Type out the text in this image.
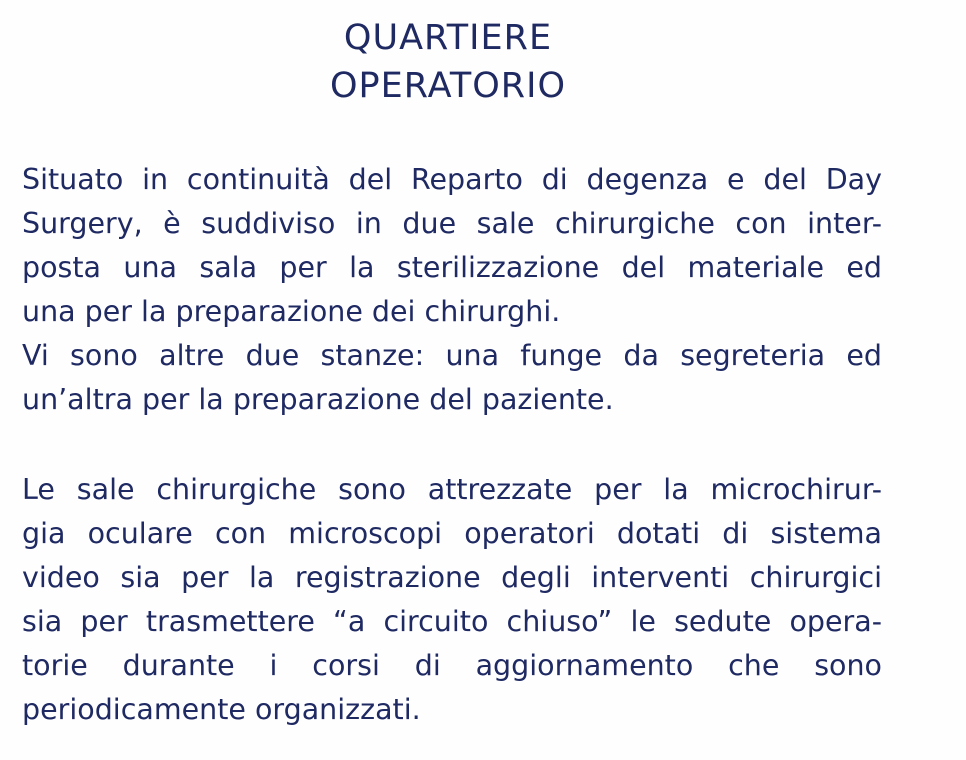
QUARTIERE
OPERATORIO
Situato in continuità del Reparto di degenza e del Day
Surgery, è suddiviso in due sale chirurgiche con inter-
posta una sala per la sterilizzazione del materiale ed
una per la preparazione dei chirurghi.
Vi sono altre due stanze: una funge da segreteria ed
un’altra per la preparazione del paziente.
Le sale chirurgiche sono attrezzate per la microchirur-
gia oculare con microscopi operatori dotati di sistema
video sia per la registrazione degli interventi chirurgici
sia per trasmettere “a circuito chiuso” le sedute opera-
torie durante i corsi di aggiornamento che sono
periodicamente organizzati.
